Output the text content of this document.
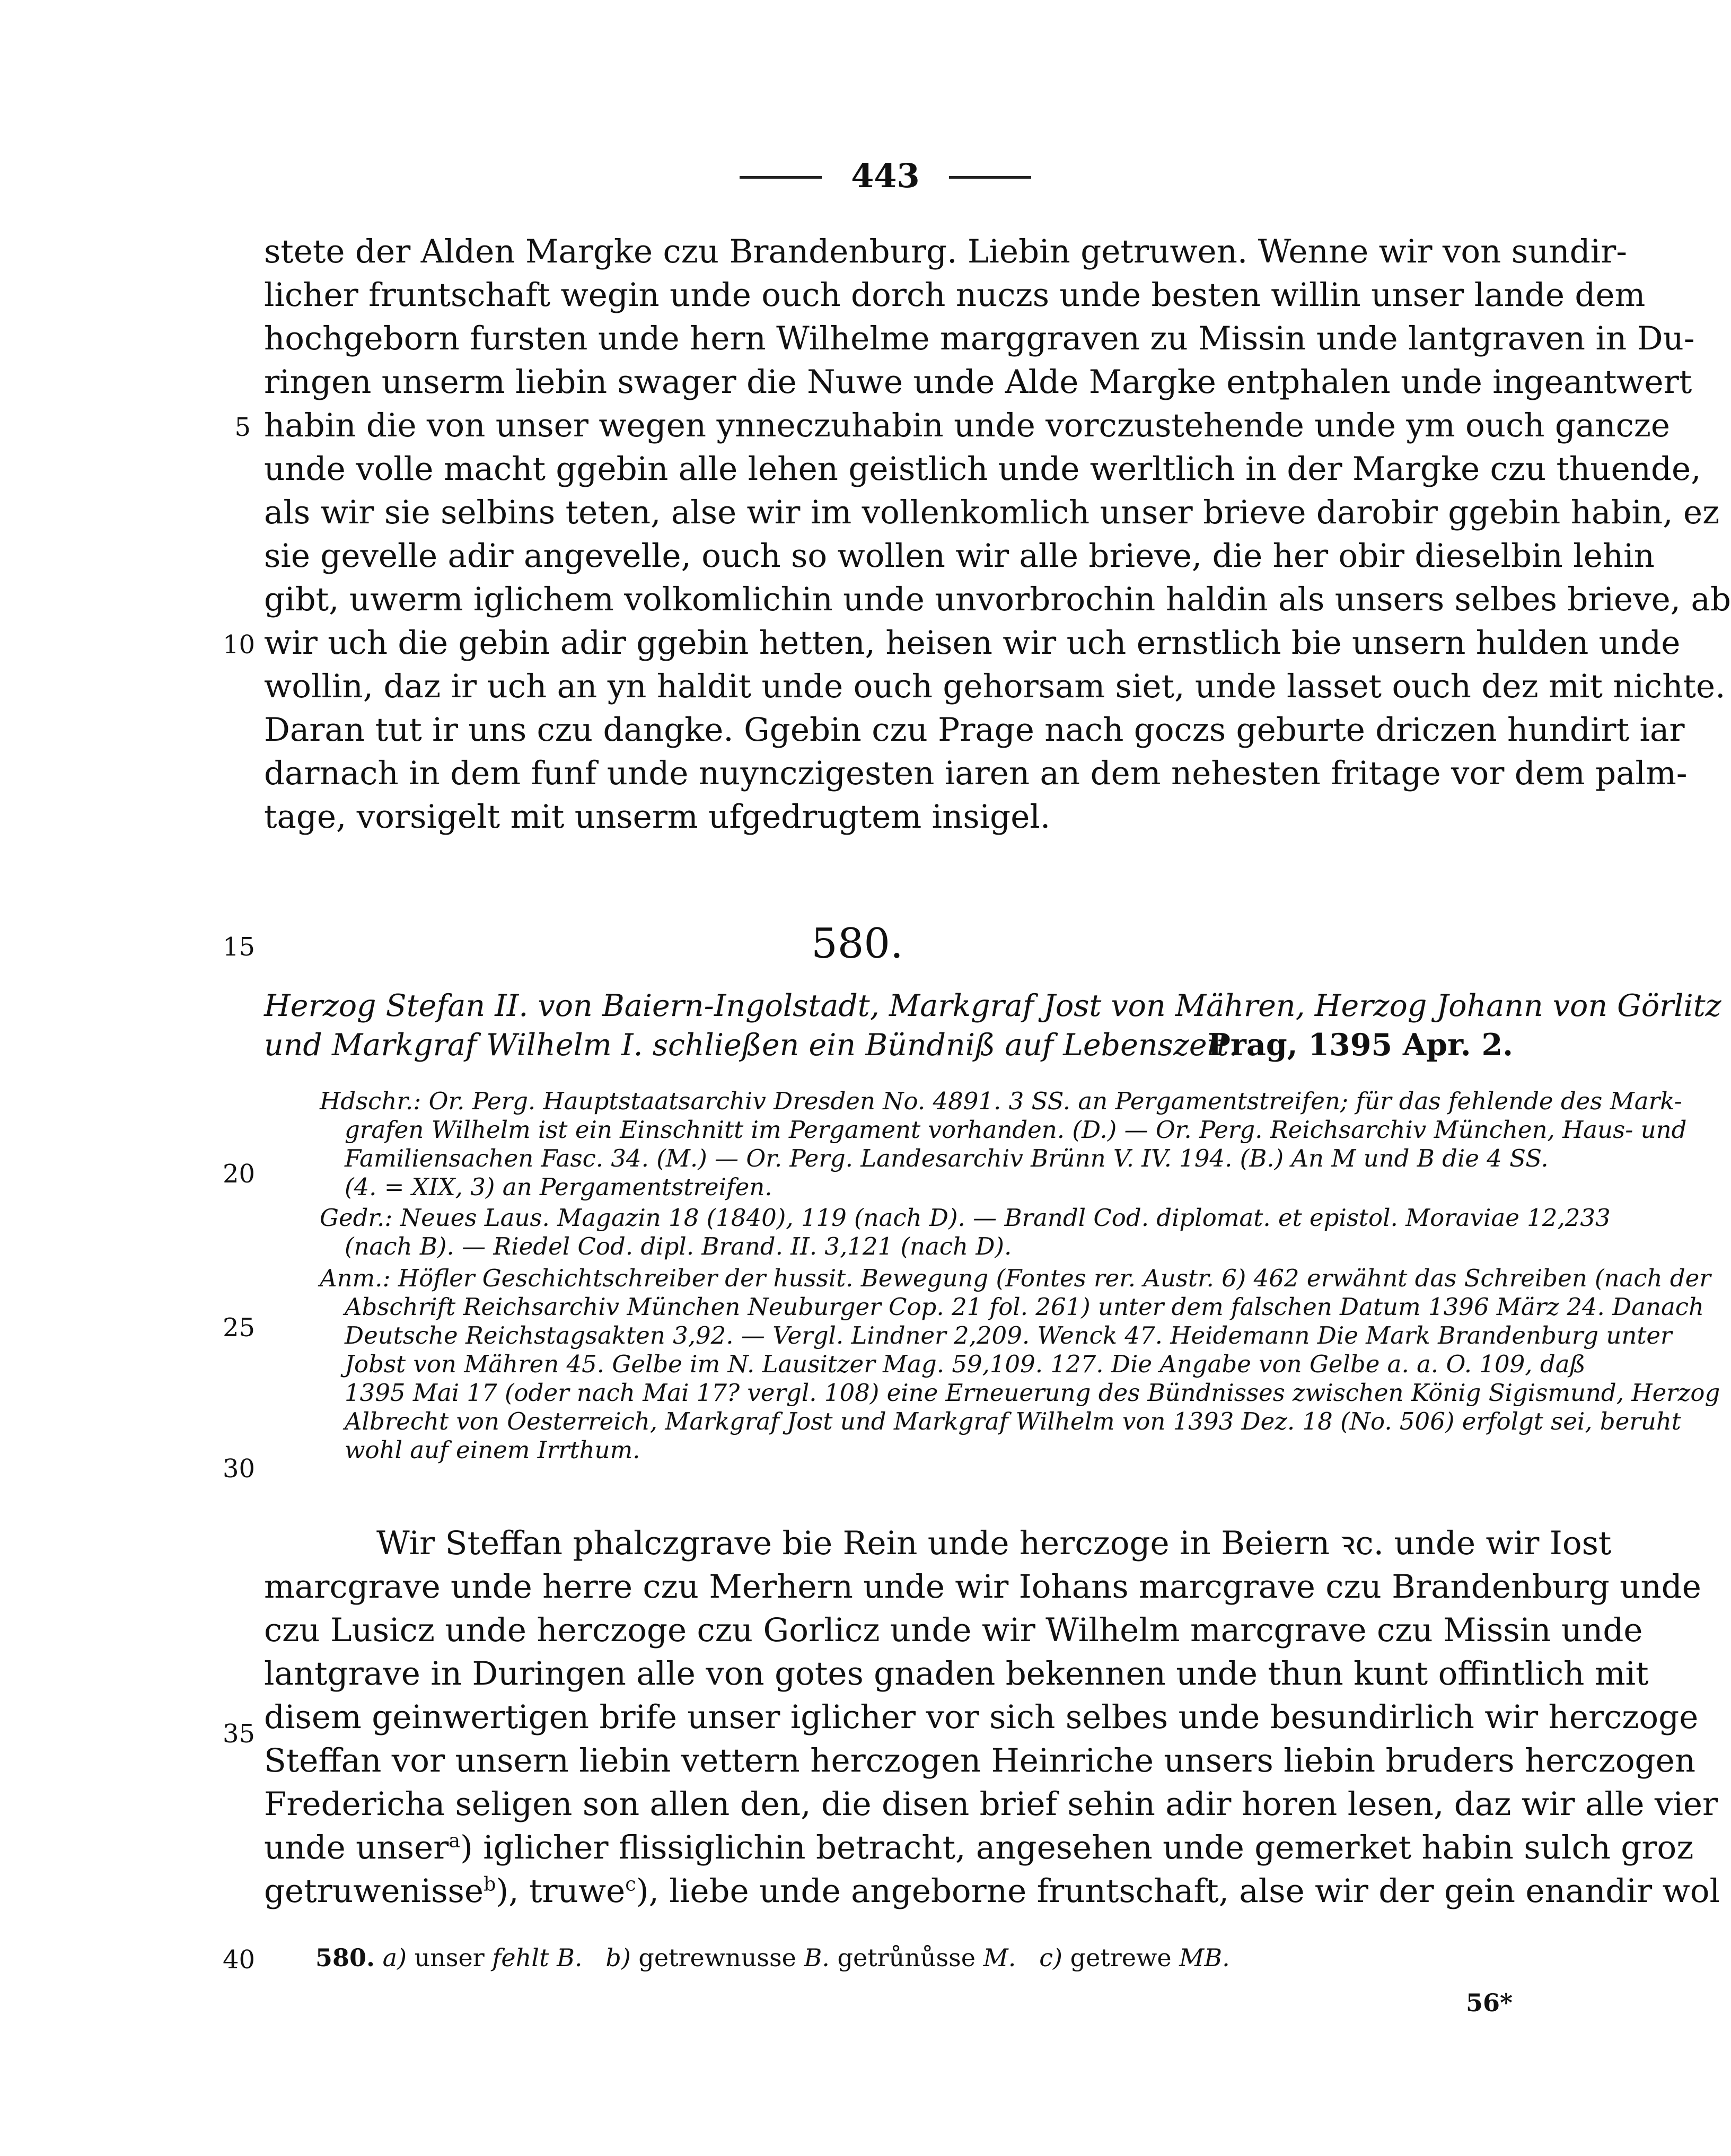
443
stete der Alden Margke czu Brandenburg. Liebin getruwen. Wenne wir von sundir-
licher fruntschaft wegin unde ouch dorch nuczs unde besten willin unser lande dem
hochgeborn fursten unde hern Wilhelme marggraven zu Missin unde lantgraven in Du-
ringen unserm liebin swager die Nuwe unde Alde Margke entphalen unde ingeantwert
habin die von unser wegen ynneczuhabin unde vorczustehende unde ym ouch gancze
unde volle macht ggebin alle lehen geistlich unde werltlich in der Margke czu thuende,
als wir sie selbins teten, alse wir im vollenkomlich unser brieve darobir ggebin habin, ez
sie gevelle adir angevelle, ouch so wollen wir alle brieve, die her obir dieselbin lehin
gibt, uwerm iglichem volkomlichin unde unvorbrochin haldin als unsers selbes brieve, ab
wir uch die gebin adir ggebin hetten, heisen wir uch ernstlich bie unsern hulden unde
wollin, daz ir uch an yn haldit unde ouch gehorsam siet, unde lasset ouch dez mit nichte.
Daran tut ir uns czu dangke. Ggebin czu Prage nach goczs geburte driczen hundirt iar
darnach in dem funf unde nuynczigesten iaren an dem nehesten fritage vor dem palm-
tage, vorsigelt mit unserm ufgedrugtem insigel.
5
10
15
20
25
30
35
40
580.
Herzog Stefan II. von Baiern-Ingolstadt, Markgraf Jost von Mähren, Herzog Johann von Görlitz
und Markgraf Wilhelm I. schließen ein Bündniß auf Lebenszeit.
Prag, 1395 Apr. 2.
Hdschr.: Or. Perg. Hauptstaatsarchiv Dresden No. 4891. 3 SS. an Pergamentstreifen; für das fehlende des Mark-
grafen Wilhelm ist ein Einschnitt im Pergament vorhanden. (D.) — Or. Perg. Reichsarchiv München, Haus- und
Familiensachen Fasc. 34. (M.) — Or. Perg. Landesarchiv Brünn V. IV. 194. (B.) An M und B die 4 SS.
(4. = XIX, 3) an Pergamentstreifen.
Gedr.: Neues Laus. Magazin 18 (1840), 119 (nach D). — Brandl Cod. diplomat. et epistol. Moraviae 12,233
(nach B). — Riedel Cod. dipl. Brand. II. 3,121 (nach D).
Anm.: Höfler Geschichtschreiber der hussit. Bewegung (Fontes rer. Austr. 6) 462 erwähnt das Schreiben (nach der
Abschrift Reichsarchiv München Neuburger Cop. 21 fol. 261) unter dem falschen Datum 1396 März 24. Danach
Deutsche Reichstagsakten 3,92. — Vergl. Lindner 2,209. Wenck 47. Heidemann Die Mark Brandenburg unter
Jobst von Mähren 45. Gelbe im N. Lausitzer Mag. 59,109. 127. Die Angabe von Gelbe a. a. O. 109, daß
1395 Mai 17 (oder nach Mai 17? vergl. 108) eine Erneuerung des Bündnisses zwischen König Sigismund, Herzog
Albrecht von Oesterreich, Markgraf Jost und Markgraf Wilhelm von 1393 Dez. 18 (No. 506) erfolgt sei, beruht
wohl auf einem Irrthum.
Wir Steffan phalczgrave bie Rein unde herczoge in Beiern ꝛc. unde wir Iost
marcgrave unde herre czu Merhern unde wir Iohans marcgrave czu Brandenburg unde
czu Lusicz unde herczoge czu Gorlicz unde wir Wilhelm marcgrave czu Missin unde
lantgrave in Duringen alle von gotes gnaden bekennen unde thun kunt offintlich mit
disem geinwertigen brife unser iglicher vor sich selbes unde besundirlich wir herczoge
Steffan vor unsern liebin vettern herczogen Heinriche unsers liebin bruders herczogen
Fredericha seligen son allen den, die disen brief sehin adir horen lesen, daz wir alle vier
unde unser$^a$) iglicher flissiglichin betracht, angesehen unde gemerket habin sulch groz
getruwenisse$^b$), truwe$^c$), liebe unde angeborne fruntschaft, alse wir der gein enandir wol
580. a) unser fehlt B. b) getrewnusse B. getrůnůsse M. c) getrewe MB.
56*
